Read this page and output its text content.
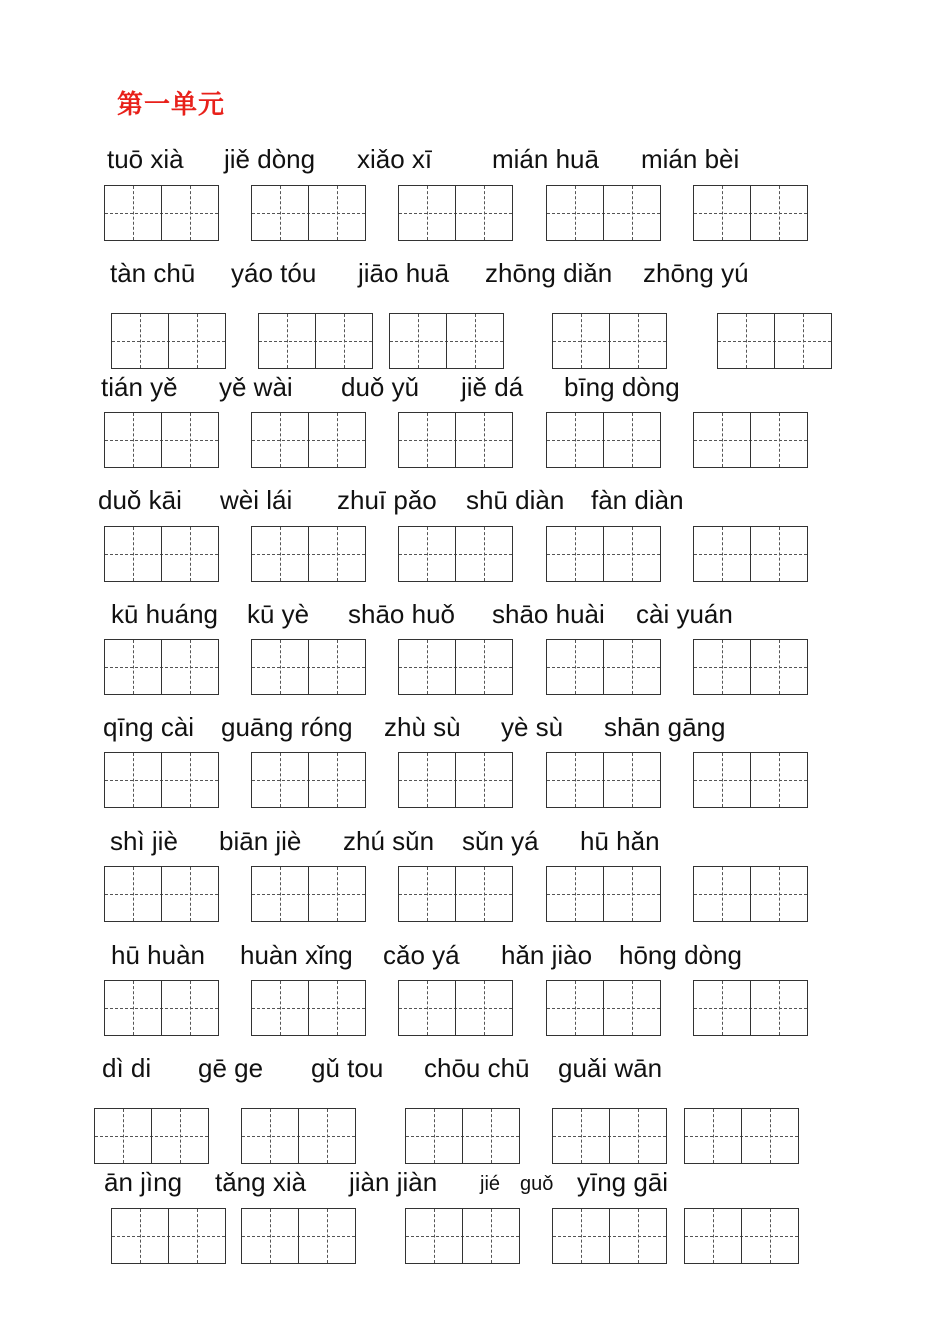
第一单元
tuō xià jiě dòng xiǎo xī mián huā mián bèi
tàn chū yáo tóu jiāo huā zhōng diǎn zhōng yú
tián yě yě wài duǒ yǔ jiě dá bīng dòng
duǒ kāi wèi lái zhuī pǎo shū diàn fàn diàn
kū huáng kū yè shāo huǒ shāo huài cài yuán
qīng cài guāng róng zhù sù yè sù shān gāng
shì jiè biān jiè zhú sǔn sǔn yá hū hǎn
hū huàn huàn xǐng cǎo yá hǎn jiào hōng dòng
dì di gē ge gǔ tou chōu chū guǎi wān
ān jìng tǎng xià jiàn jiàn jié guǒ yīng gāi
